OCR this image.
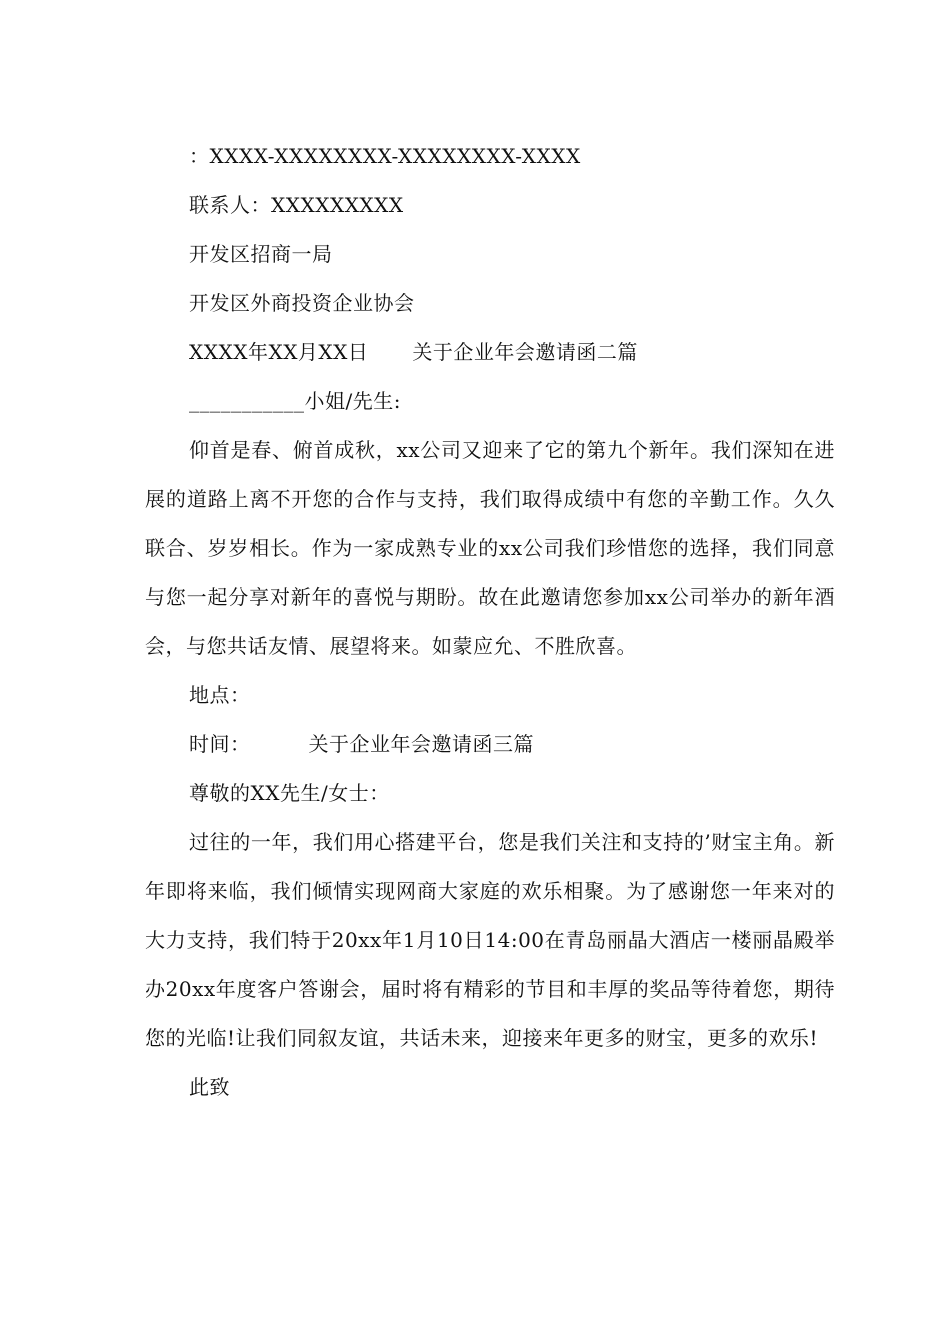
：XXXX-XXXXXXXX-XXXXXXXX-XXXX
联系人：XXXXXXXXX
开发区招商一局
开发区外商投资企业协会
XXXX年XX月XX日 关于企业年会邀请函二篇
___________小姐/先生:

仰首是春、俯首成秋，xx公司又迎来了它的第九个新年。我们深知在进展的道路上离不开您的合作与支持，我们取得成绩中有您的辛勤工作。久久联合、岁岁相长。作为一家成熟专业的xx公司我们珍惜您的选择，我们同意与您一起分享对新年的喜悦与期盼。故在此邀请您参加xx公司举办的新年酒会，与您共话友情、展望将来。如蒙应允、不胜欣喜。

地点：
时间：	关于企业年会邀请函三篇
尊敬的XX先生/女士：

过往的一年，我们用心搭建平台，您是我们关注和支持的’财宝主角。新年即将来临，我们倾情实现网商大家庭的欢乐相聚。为了感谢您一年来对的大力支持，我们特于20xx年1月10日14:00在青岛丽晶大酒店一楼丽晶殿举办20xx年度客户答谢会，届时将有精彩的节目和丰厚的奖品等待着您，期待您的光临!让我们同叙友谊，共话未来，迎接来年更多的财宝，更多的欢乐!

此致
